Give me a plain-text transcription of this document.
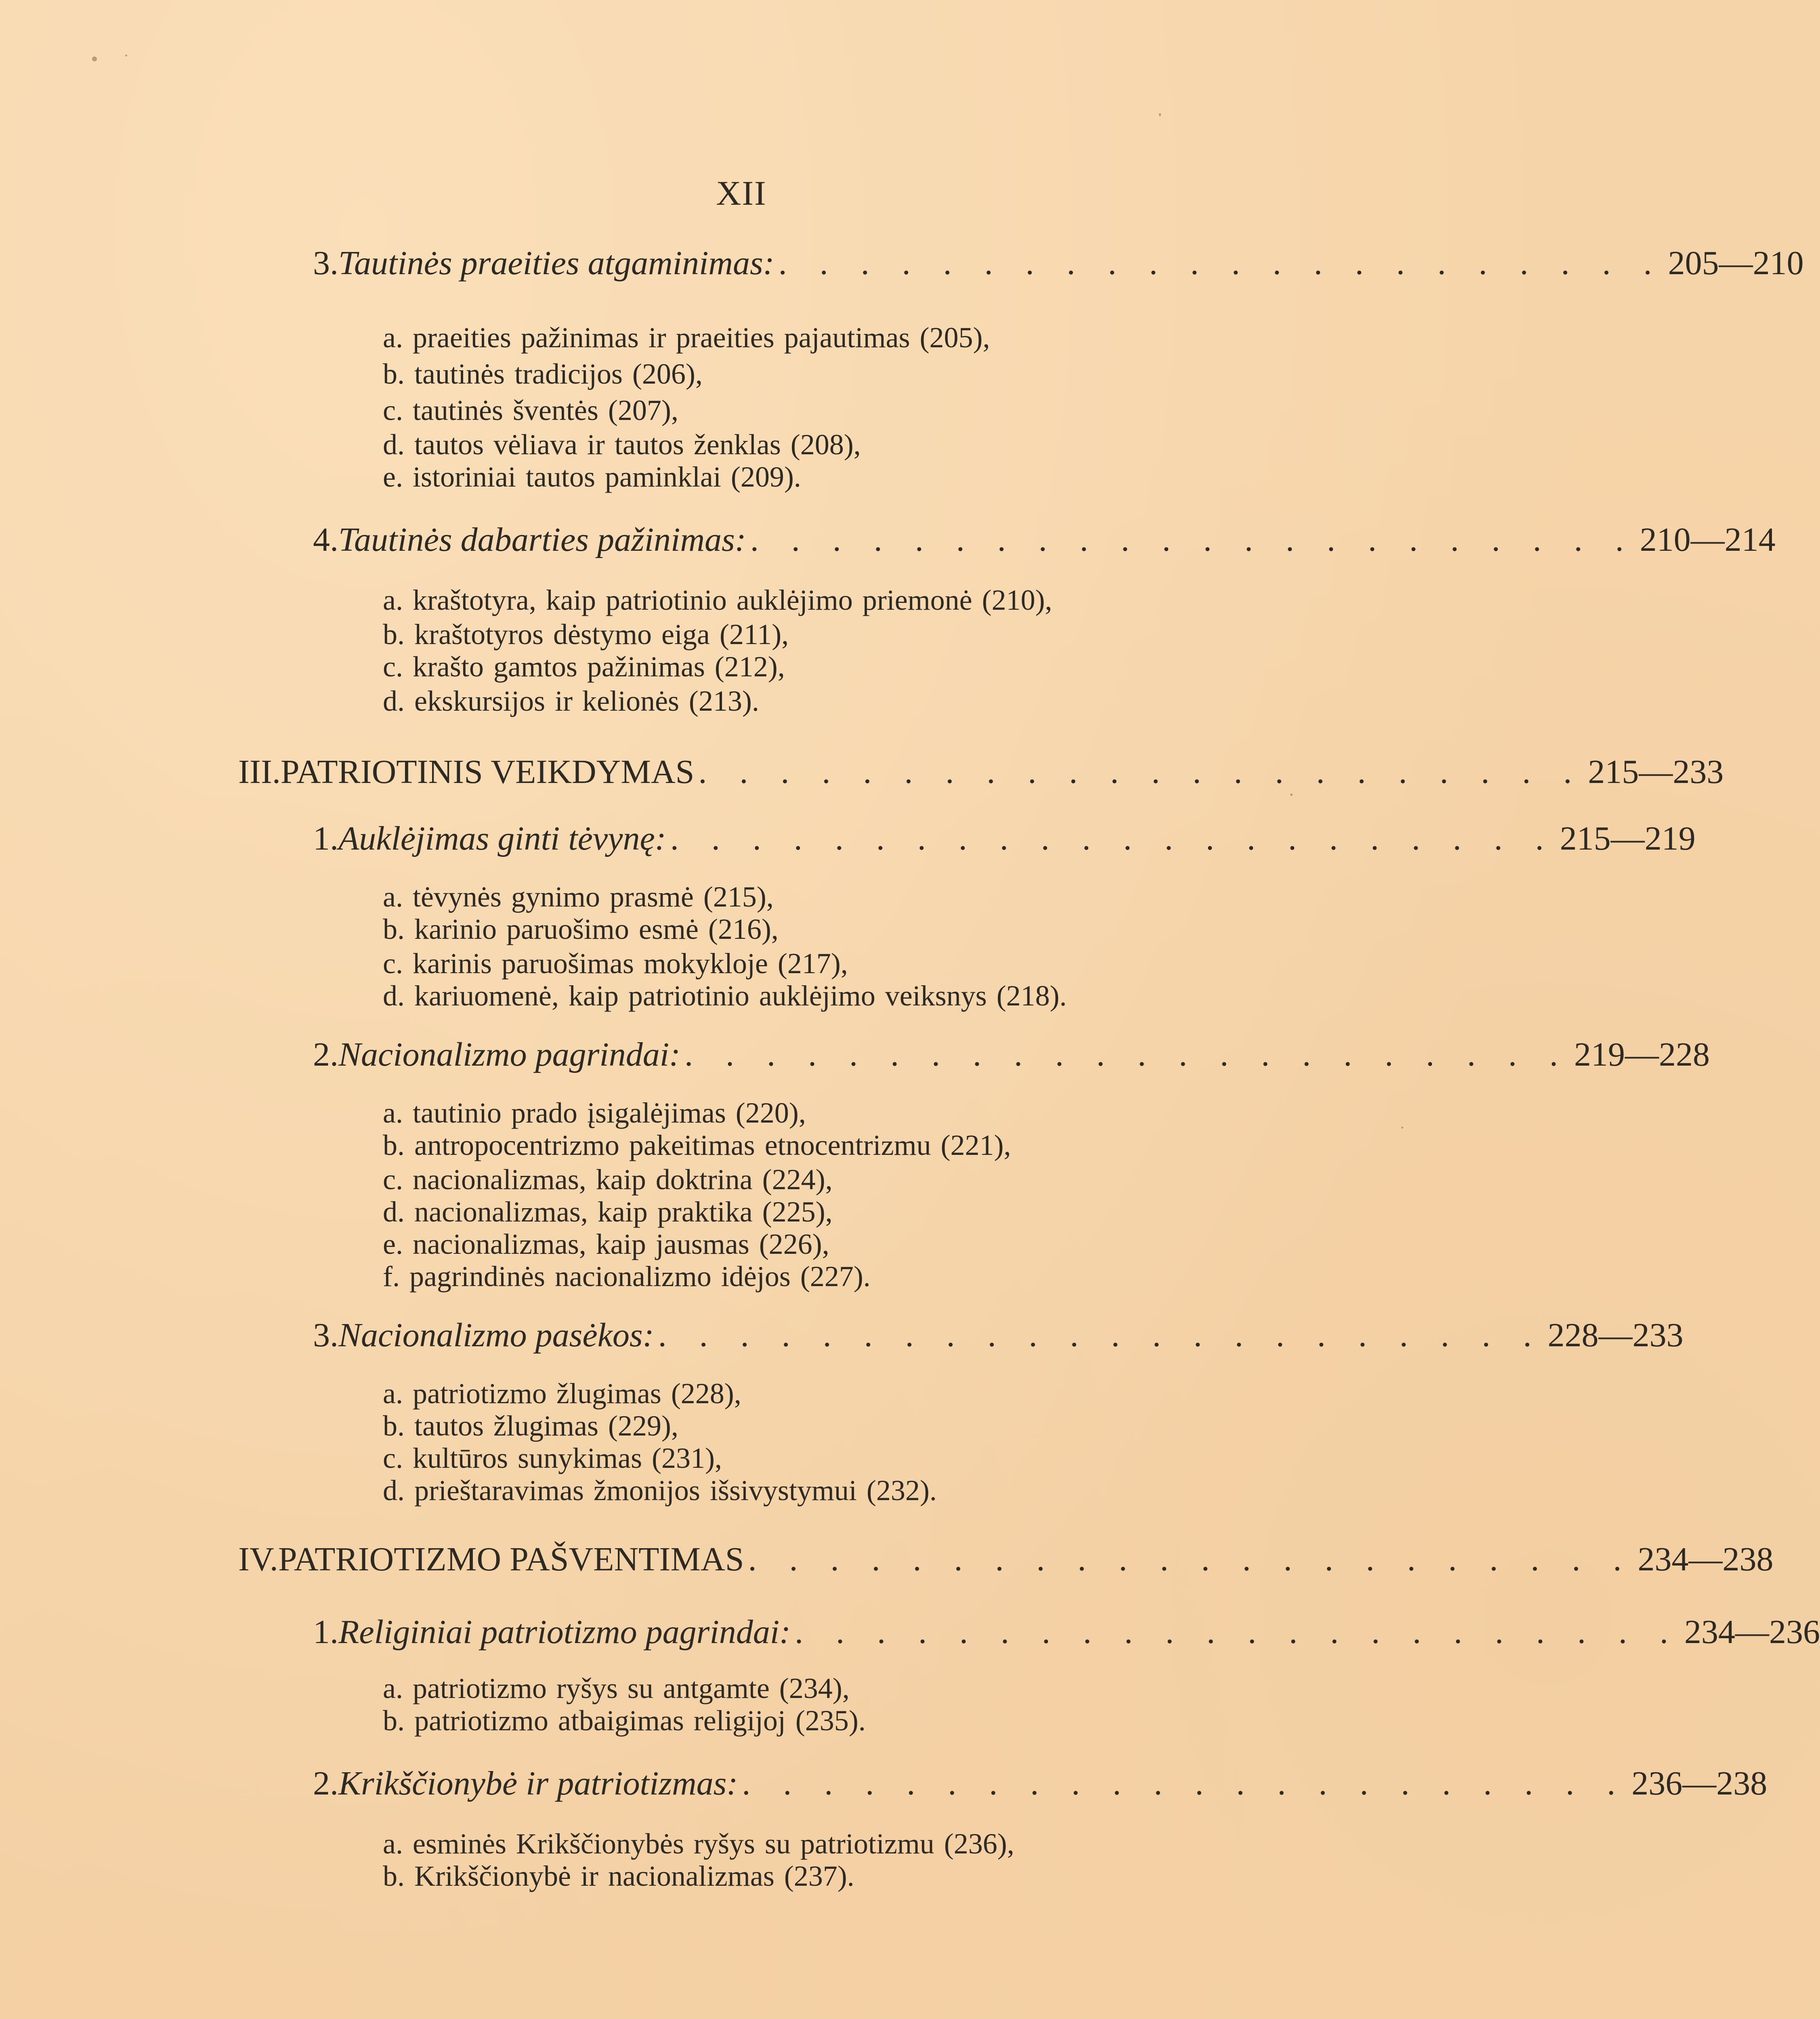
XII
3. Tautinės praeities atgaminimas: . . . . . . . . . . . . . . . . . . . . . . 205—210
a. praeities pažinimas ir praeities pajautimas (205),
b. tautinės tradicijos (206),
c. tautinės šventės (207),
d. tautos vėliava ir tautos ženklas (208),
e. istoriniai tautos paminklai (209).
4. Tautinės dabarties pažinimas: . . . . . . . . . . . . . . . . . . . . . . 210—214
a. kraštotyra, kaip patriotinio auklėjimo priemonė (210),
b. kraštotyros dėstymo eiga (211),
c. krašto gamtos pažinimas (212),
d. ekskursijos ir kelionės (213).
III. PATRIOTINIS VEIKDYMAS . . . . . . . . . . . . . . . . . . . . . . 215—233
1. Auklėjimas ginti tėvynę: . . . . . . . . . . . . . . . . . . . . . . 215—219
a. tėvynės gynimo prasmė (215),
b. karinio paruošimo esmė (216),
c. karinis paruošimas mokykloje (217),
d. kariuomenė, kaip patriotinio auklėjimo veiksnys (218).
2. Nacionalizmo pagrindai: . . . . . . . . . . . . . . . . . . . . . . 219—228
a. tautinio prado įsigalėjimas (220),
b. antropocentrizmo pakeitimas etnocentrizmu (221),
c. nacionalizmas, kaip doktrina (224),
d. nacionalizmas, kaip praktika (225),
e. nacionalizmas, kaip jausmas (226),
f. pagrindinės nacionalizmo idėjos (227).
3. Nacionalizmo pasėkos: . . . . . . . . . . . . . . . . . . . . . . 228—233
a. patriotizmo žlugimas (228),
b. tautos žlugimas (229),
c. kultūros sunykimas (231),
d. prieštaravimas žmonijos išsivystymui (232).
IV. PATRIOTIZMO PAŠVENTIMAS . . . . . . . . . . . . . . . . . . . . . . 234—238
1. Religiniai patriotizmo pagrindai: . . . . . . . . . . . . . . . . . . . . . . 234—236
a. patriotizmo ryšys su antgamte (234),
b. patriotizmo atbaigimas religijoj (235).
2. Krikščionybė ir patriotizmas: . . . . . . . . . . . . . . . . . . . . . . 236—238
a. esminės Krikščionybės ryšys su patriotizmu (236),
b. Krikščionybė ir nacionalizmas (237).
